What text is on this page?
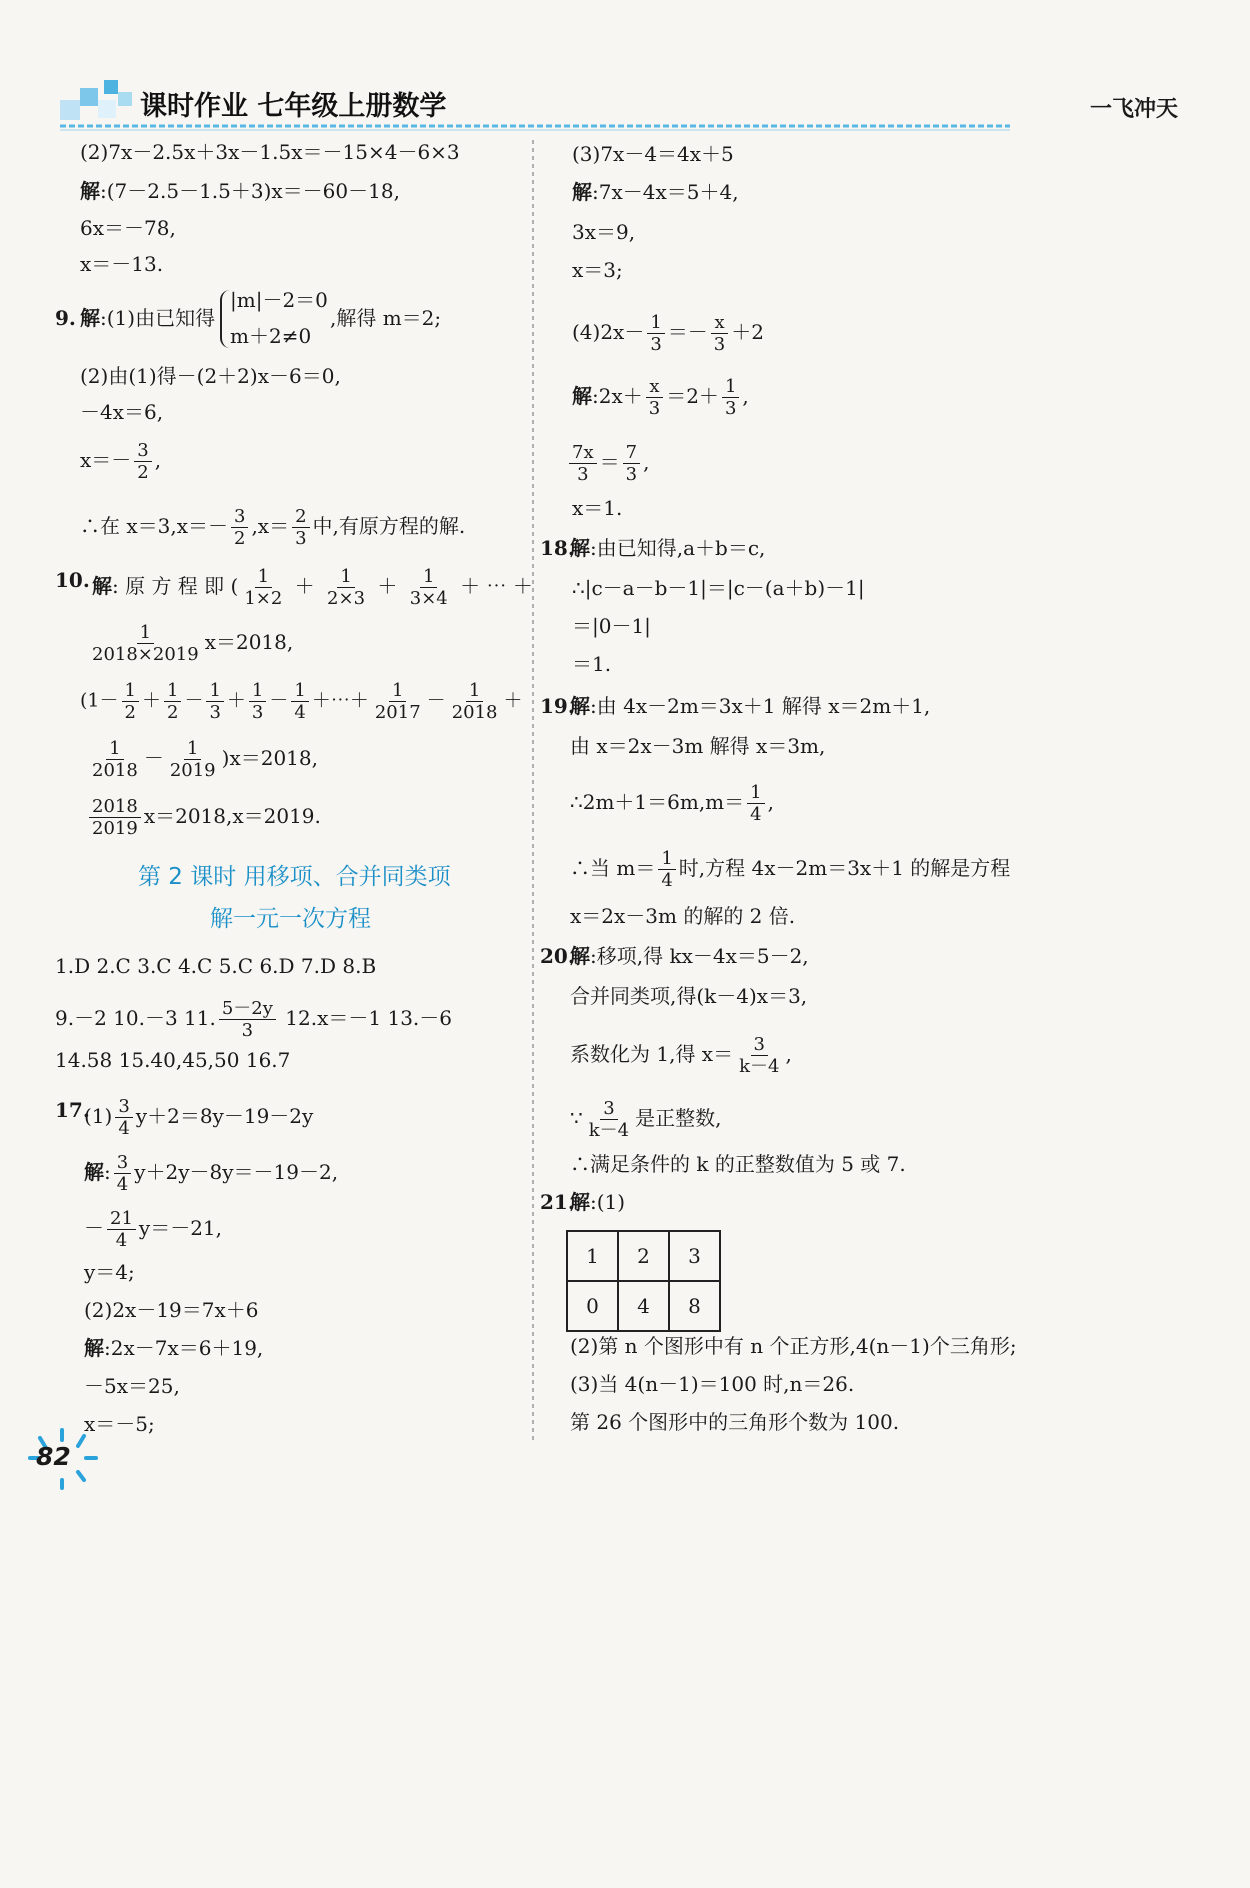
课时作业 七年级上册数学	一飞冲天
(2)7x－2.5x＋3x－1.5x＝－15×4－6×3
解:(7－2.5－1.5＋3)x＝－60－18,
6x＝－78,
x＝－13.
9. 解:(1)由已知得
|m|－2＝0
m＋2≠0
,解得 m＝2;
(2)由(1)得－(2＋2)x－6＝0,
－4x＝6,
$x=- \frac{3}{2}$ ,
∴在 $x=3,x=- \frac{3}{2} ,x= \frac{2}{3}$ 中,有原方程的解.
10. 解: 原 方 程 即 ( $\frac{1}{1\times 2} + \frac{1}{2\times 3} + \frac{1}{3\times 4}$ ＋ ⋯ ＋
$\frac{1}{2018\times 2019} x=2018$,
($1- \frac{1}{2} + \frac{1}{2} - \frac{1}{3} + \frac{1}{3} - \frac{1}{4}$ ＋⋯＋ $\frac{1}{2017} - \frac{1}{2018}$ ＋
$\frac{1}{2018} - \frac{1}{2019} )x=2018$,
$\frac{2018}{2019} x=2018,x=2019$.
第 2 课时 用移项、合并同类项
解一元一次方程
1.D 2.C 3.C 4.C 5.C 6.D 7.D 8.B
9.－2 10.－3 11. $\frac{5-2y}{3} 12.x=-1$ 13.－6
14.58 15.40,45,50 16.7
17.
$(1) \frac{3}{4} y+2=8y-19-2y$
解: $\frac{3}{4} y+2y-8y=-19-2$,
－ $\frac{21}{4} y=-21$,
y＝4;
(2)2x－19＝7x＋6
解:2x－7x＝6＋19,
－5x＝25,
x＝－5;
(3)7x－4＝4x＋5
解:7x－4x＝5＋4,
3x＝9,
x＝3;
$(4)2x- \frac{1}{3} =- \frac{x}{3} +2$
解:2x＋ $\frac{x}{3} =2+ \frac{1}{3}$ ,
$\frac{7x}{3} = \frac{7}{3}$ ,
x＝1.
18.
解:由已知得,a＋b＝c,
∴|c－a－b－1|＝|c－(a＋b)－1|
＝|0－1|
＝1.
19.
解:由 4x－2m＝3x＋1 解得 x＝2m＋1,
由 x＝2x－3m 解得 x＝3m,
∴2m＋1＝6m,m＝ $\frac{1}{4}$ ,
∴当 $m= \frac{1}{4}$ 时,方程 4x－2m＝3x＋1 的解是方程
x＝2x－3m 的解的 2 倍.
20.
解:移项,得 kx－4x＝5－2,
合并同类项,得(k－4)x＝3,
系数化为 1,得 $x= \frac{3}{k-4}$ ,
∵ $\frac{3}{k-4}$ 是正整数,
∴满足条件的 k 的正整数值为 5 或 7.
21.
解:(1)
1	2	3
0	4	8
(2)第 n 个图形中有 n 个正方形,4(n－1)个三角形;
(3)当 4(n－1)＝100 时,n＝26.
第 26 个图形中的三角形个数为 100.
82
